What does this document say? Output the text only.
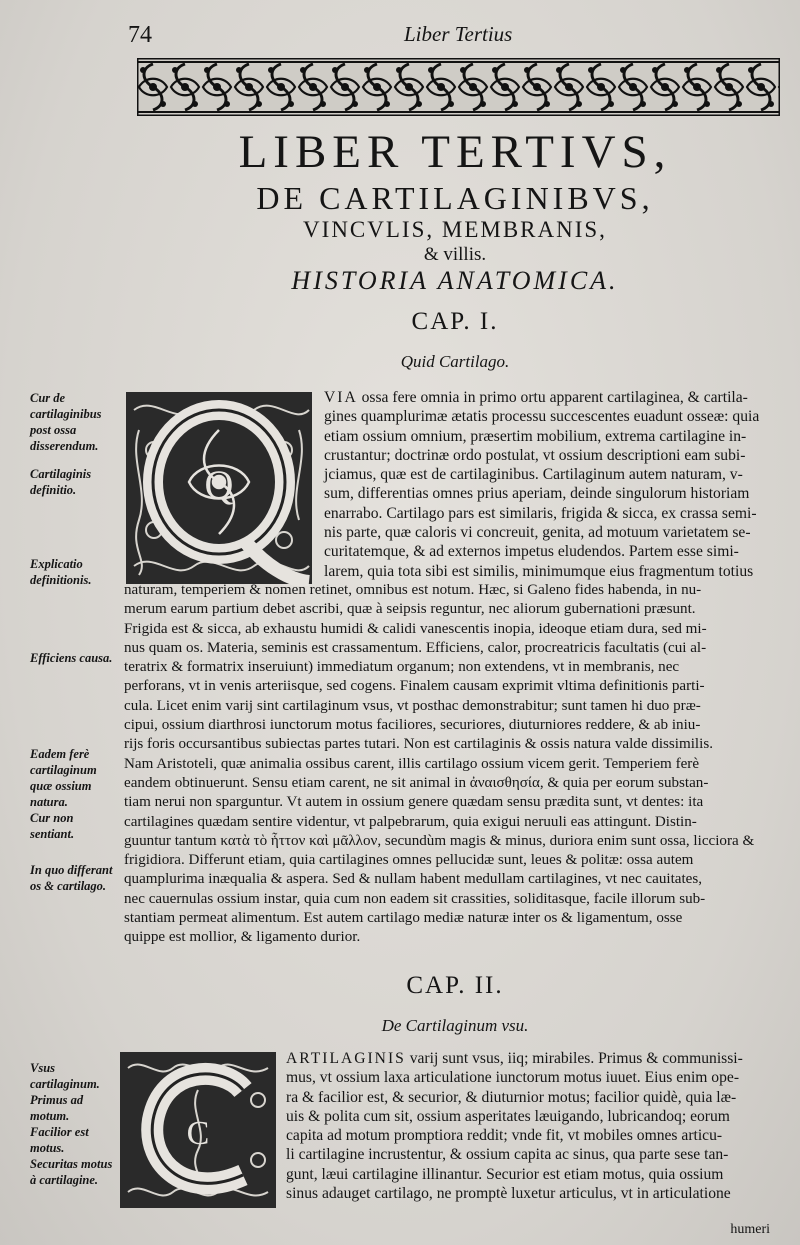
74	Liber Tertius
LIBER TERTIVS,
DE CARTILAGINIBVS,
VINCVLIS, MEMBRANIS,
& villis.
HISTORIA ANATOMICA.
CAP. I.
Quid Cartilago.
Cur de cartilaginibus post ossa disserendum.
Cartilaginis definitio.
Explicatio definitionis.
Efficiens causa.
Eadem ferè cartilaginum quæ ossium natura.
Cur non sentiant.
In quo differant os & cartilago.
Q
VIA ossa fere omnia in primo ortu apparent cartilaginea, & cartila-
gines quamplurimæ ætatis processu succescentes euadunt osseæ: quia
etiam ossium omnium, præsertim mobilium, extrema cartilagine in-
crustantur; doctrinæ ordo postulat, vt ossium descriptioni eam subi-
jciamus, quæ est de cartilaginibus. Cartilaginum autem naturam, v-
sum, differentias omnes prius aperiam, deinde singulorum historiam
enarrabo. Cartilago pars est similaris, frigida & sicca, ex crassa semi-
nis parte, quæ caloris vi concreuit, genita, ad motuum varietatem se-
curitatemque, & ad externos impetus eludendos. Partem esse simi-
larem, quia tota sibi est similis, minimumque eius fragmentum totius
naturam, temperiem & nomen retinet, omnibus est notum. Hæc, si Galeno fides habenda, in nu-
merum earum partium debet ascribi, quæ à seipsis reguntur, nec aliorum gubernationi præsunt.
Frigida est & sicca, ab exhaustu humidi & calidi vanescentis inopia, ideoque etiam dura, sed mi-
nus quam os. Materia, seminis est crassamentum. Efficiens, calor, procreatricis facultatis (cui al-
teratrix & formatrix inseruiunt) immediatum organum; non extendens, vt in membranis, nec
perforans, vt in venis arteriisque, sed cogens. Finalem causam exprimit vltima definitionis parti-
cula. Licet enim varij sint cartilaginum vsus, vt posthac demonstrabitur; sunt tamen hi duo præ-
cipui, ossium diarthrosi iunctorum motus faciliores, securiores, diuturniores reddere, & ab iniu-
rijs foris occursantibus subiectas partes tutari. Non est cartilaginis & ossis natura valde dissimilis.
Nam Aristoteli, quæ animalia ossibus carent, illis cartilago ossium vicem gerit. Temperiem ferè
eandem obtinuerunt. Sensu etiam carent, ne sit animal in ἀναισθησία, & quia per eorum substan-
tiam nerui non sparguntur. Vt autem in ossium genere quædam sensu prædita sunt, vt dentes: ita
cartilagines quædam sentire videntur, vt palpebrarum, quia exigui neruuli eas attingunt. Distin-
guuntur tantum κατὰ τὸ ἧττον καὶ μᾶλλον, secundùm magis & minus, duriora enim sunt ossa, licciora &
frigidiora. Differunt etiam, quia cartilagines omnes pellucidæ sunt, leues & politæ: ossa autem
quamplurima inæqualia & aspera. Sed & nullam habent medullam cartilagines, vt nec cauitates,
nec cauernulas ossium instar, quia cum non eadem sit crassities, soliditasque, facile illorum sub-
stantiam permeat alimentum. Est autem cartilago mediæ naturæ inter os & ligamentum, osse
quippe est mollior, & ligamento durior.
CAP. II.
De Cartilaginum vsu.
Vsus cartilaginum.
Primus ad motum.
Facilior est motus.
Securitas motus à cartilagine.
C
ARTILAGINIS varij sunt vsus, iiq; mirabiles. Primus & communissi-
mus, vt ossium laxa articulatione iunctorum motus iuuet. Eius enim ope-
ra & facilior est, & securior, & diuturnior motus; facilior quidè, quia læ-
uis & polita cum sit, ossium asperitates læuigando, lubricandoq; eorum
capita ad motum promptiora reddit; vnde fit, vt mobiles omnes articu-
li cartilagine incrustentur, & ossium capita ac sinus, qua parte sese tan-
gunt, læui cartilagine illinantur. Securior est etiam motus, quia ossium
sinus adauget cartilago, ne promptè luxetur articulus, vt in articulatione
humeri
